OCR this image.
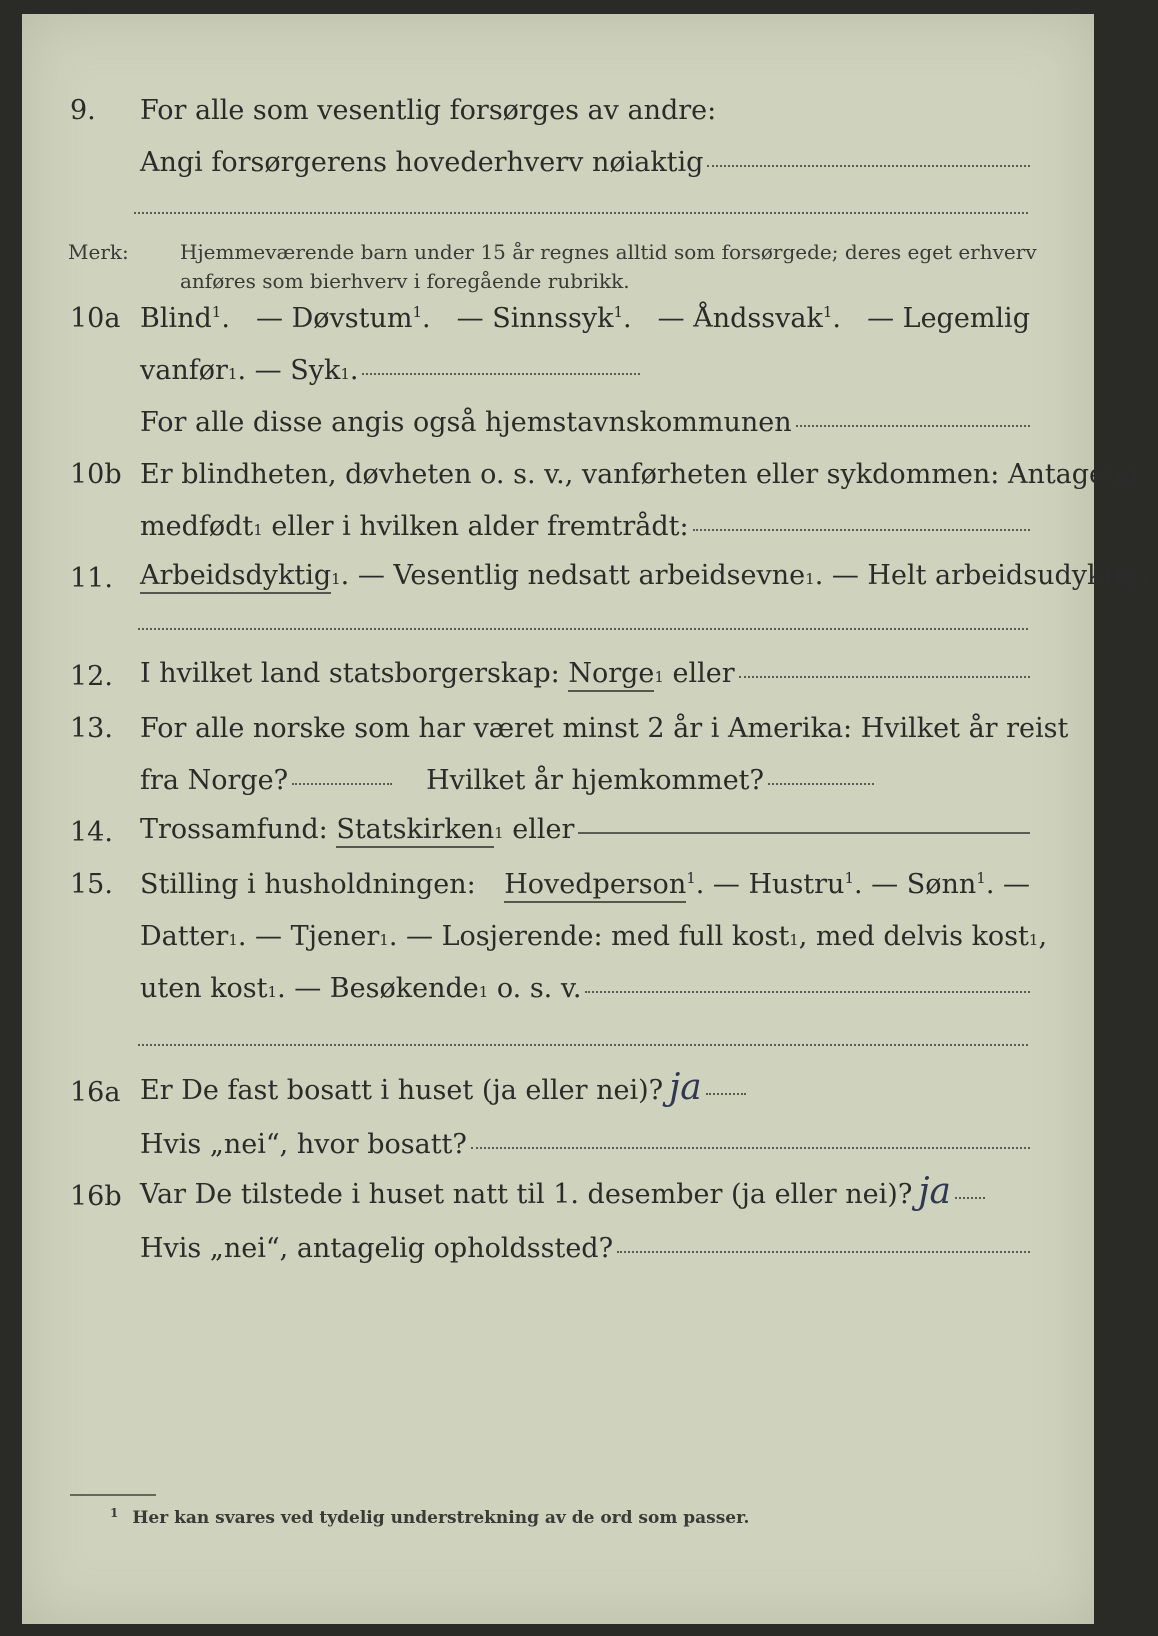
9. For alle som vesentlig forsørges av andre:
Angi forsørgerens hovederhverv nøiaktig
Merk:	Hjemmeværende barn under 15 år regnes alltid som forsørgede; deres eget erhverv anføres som bierhverv i foregående rubrikk.
10a Blind$^1$. — Døvstum$^1$. — Sinnssyk$^1$. — Åndssvak$^1$. — Legemlig
vanfør 1 . — Syk 1 .
For alle disse angis også hjemstavnskommunen
10b Er blindheten, døvheten o. s. v., vanførheten eller sykdommen: Antagelig
medfødt 1
eller i hvilken alder fremtrådt:
11. Arbeidsdyktig 1 . — Vesentlig nedsatt arbeidsevne 1 . — Helt arbeidsudyktig 1 .
12. I hvilket land statsborgerskap:
Norge 1
eller
13. For alle norske som har været minst 2 år i Amerika: Hvilket år reist
fra Norge?	Hvilket år hjemkommet?
14. Trossamfund:
Statskirken 1
eller
15. Stilling i husholdningen: Hovedperson$^1$. — Hustru$^1$. — Sønn$^1$. —
Datter 1 . — Tjener 1 . — Losjerende: med full kost 1 , med delvis kost 1 ,
uten kost 1 . — Besøkende 1
o. s. v.
16a Er De fast bosatt i huset (ja eller nei)? ja
Hvis „nei“, hvor bosatt?
16b Var De tilstede i huset natt til 1. desember (ja eller nei)? ja
Hvis „nei“, antagelig opholdssted?
$^1$ Her kan svares ved tydelig understrekning av de ord som passer.
